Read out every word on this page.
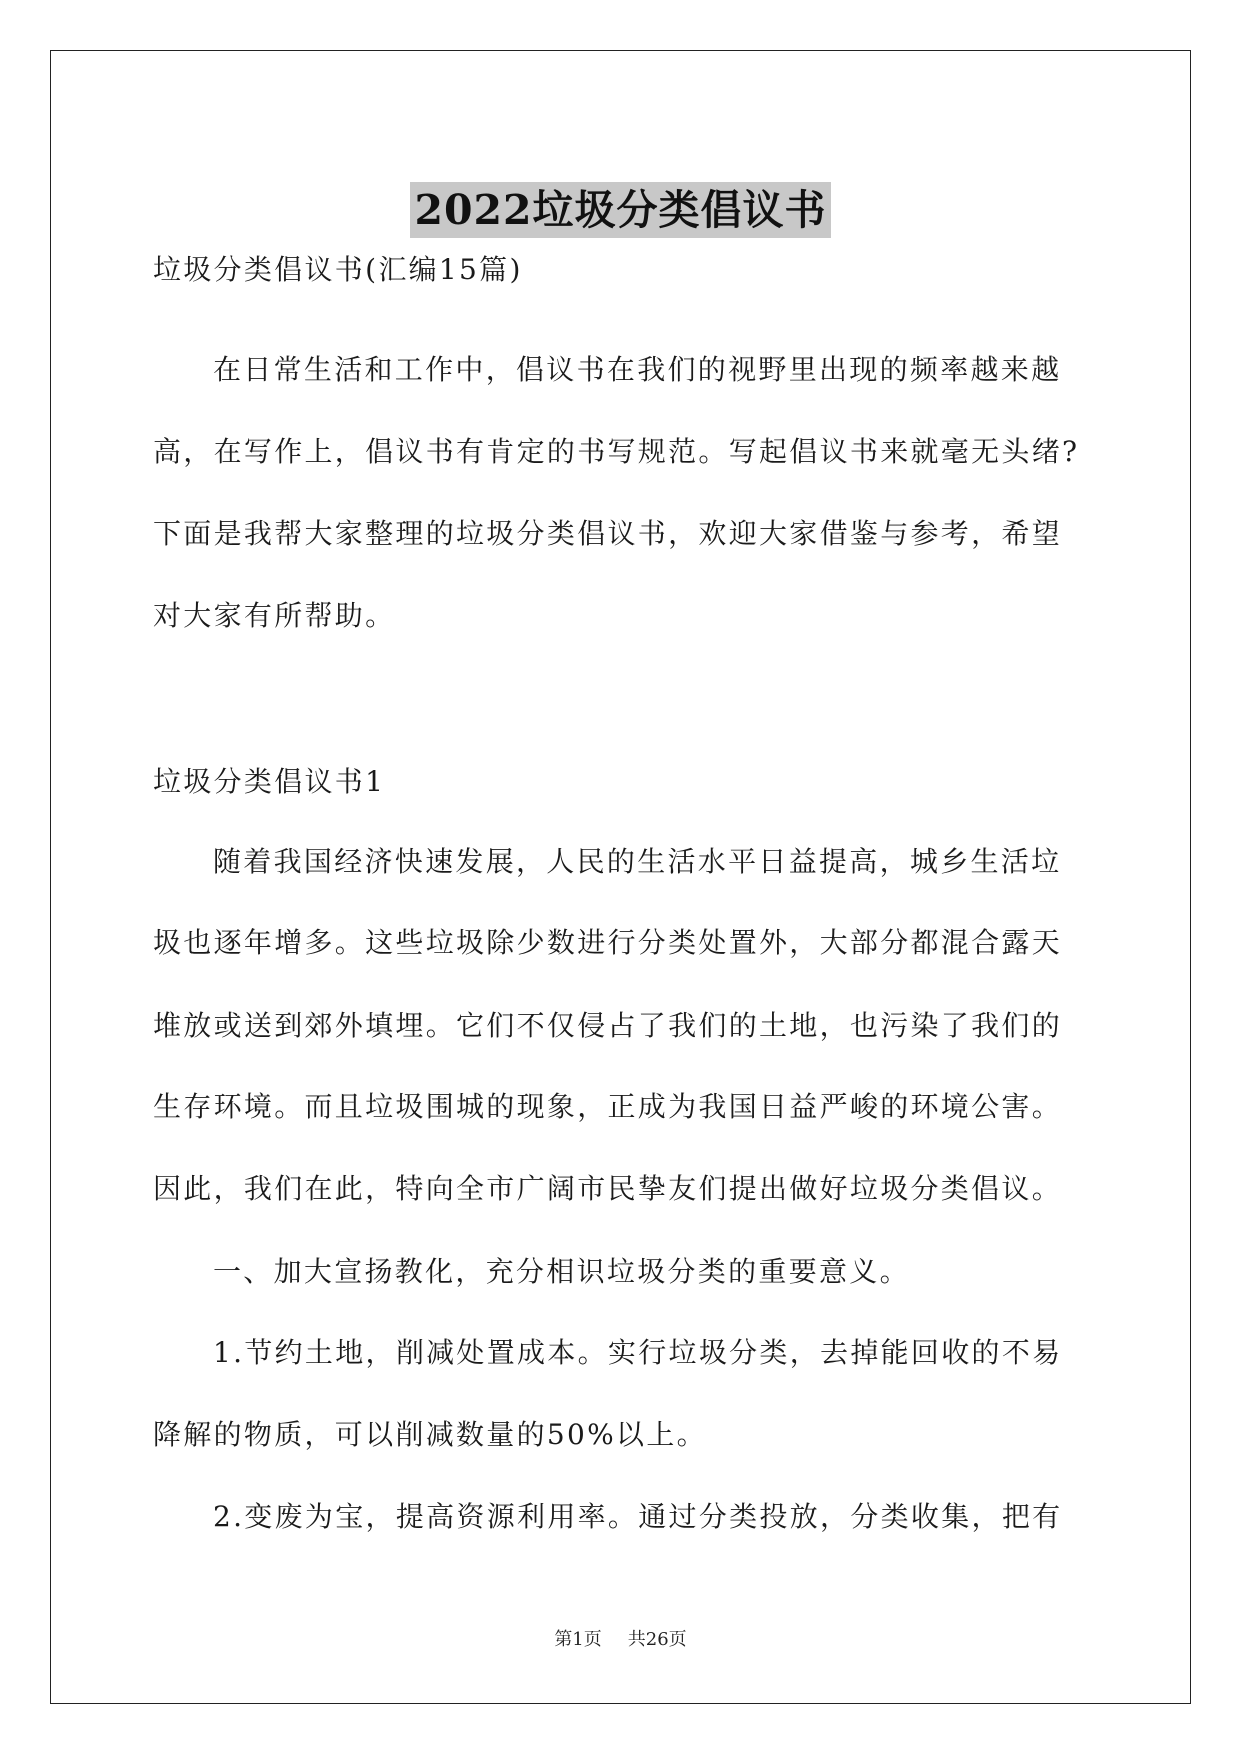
2022垃圾分类倡议书

垃圾分类倡议书(汇编15篇)

在日常生活和工作中，倡议书在我们的视野里出现的频率越来越

高，在写作上，倡议书有肯定的书写规范。写起倡议书来就毫无头绪?

下面是我帮大家整理的垃圾分类倡议书，欢迎大家借鉴与参考，希望

对大家有所帮助。

垃圾分类倡议书1

随着我国经济快速发展，人民的生活水平日益提高，城乡生活垃

圾也逐年增多。这些垃圾除少数进行分类处置外，大部分都混合露天

堆放或送到郊外填埋。它们不仅侵占了我们的土地，也污染了我们的

生存环境。而且垃圾围城的现象，正成为我国日益严峻的环境公害。

因此，我们在此，特向全市广阔市民挚友们提出做好垃圾分类倡议。

一、加大宣扬教化，充分相识垃圾分类的重要意义。

1.节约土地，削减处置成本。实行垃圾分类，去掉能回收的不易

降解的物质，可以削减数量的50%以上。

2.变废为宝，提高资源利用率。通过分类投放，分类收集，把有

第1页 共26页
